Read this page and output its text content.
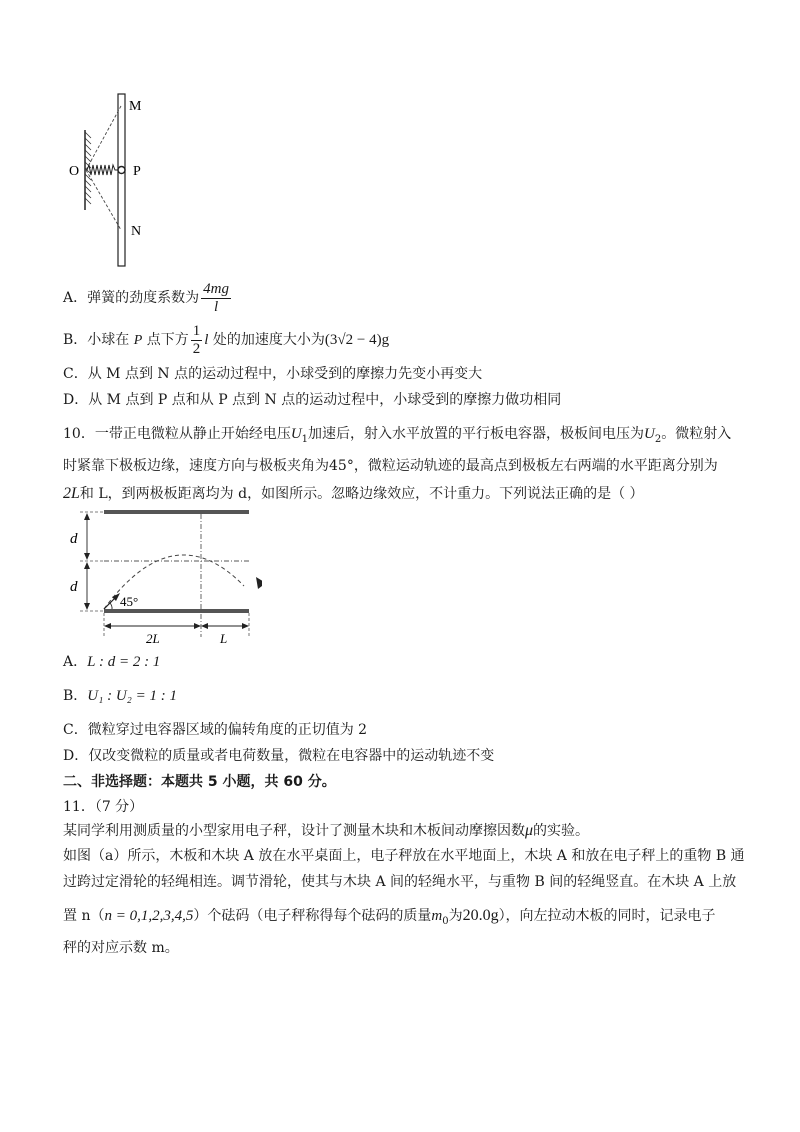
M
O	P
N
A．弹簧的劲度系数为 $\frac{4mg}{l}$
B．小球在 P 点下方 $\frac{1}{2}$ l 处的加速度大小为(3√2 − 4)g
C．从 M 点到 N 点的运动过程中，小球受到的摩擦力先变小再变大
D．从 M 点到 P 点和从 P 点到 N 点的运动过程中，小球受到的摩擦力做功相同
10．一带正电微粒从静止开始经电压$U_1$加速后，射入水平放置的平行板电容器，极板间电压为$U_2$。微粒射入
时紧靠下极板边缘，速度方向与极板夹角为45°，微粒运动轨迹的最高点到极板左右两端的水平距离分别为
2L和 L，到两极板距离均为 d，如图所示。忽略边缘效应，不计重力。下列说法正确的是（ ）
d
d
45°
2L	L
A．L : d = 2 : 1
B．U₁ : U₂ = 1 : 1
C．微粒穿过电容器区域的偏转角度的正切值为 2
D．仅改变微粒的质量或者电荷数量，微粒在电容器中的运动轨迹不变
二、非选择题：本题共 5 小题，共 60 分。
11．（7 分）
某同学利用测质量的小型家用电子秤，设计了测量木块和木板间动摩擦因数μ的实验。
如图（a）所示，木板和木块 A 放在水平桌面上，电子秤放在水平地面上，木块 A 和放在电子秤上的重物 B 通
过跨过定滑轮的轻绳相连。调节滑轮，使其与木块 A 间的轻绳水平，与重物 B 间的轻绳竖直。在木块 A 上放
置 n（n = 0,1,2,3,4,5）个砝码（电子秤称得每个砝码的质量$m_0$为20.0g），向左拉动木板的同时，记录电子
秤的对应示数 m。
